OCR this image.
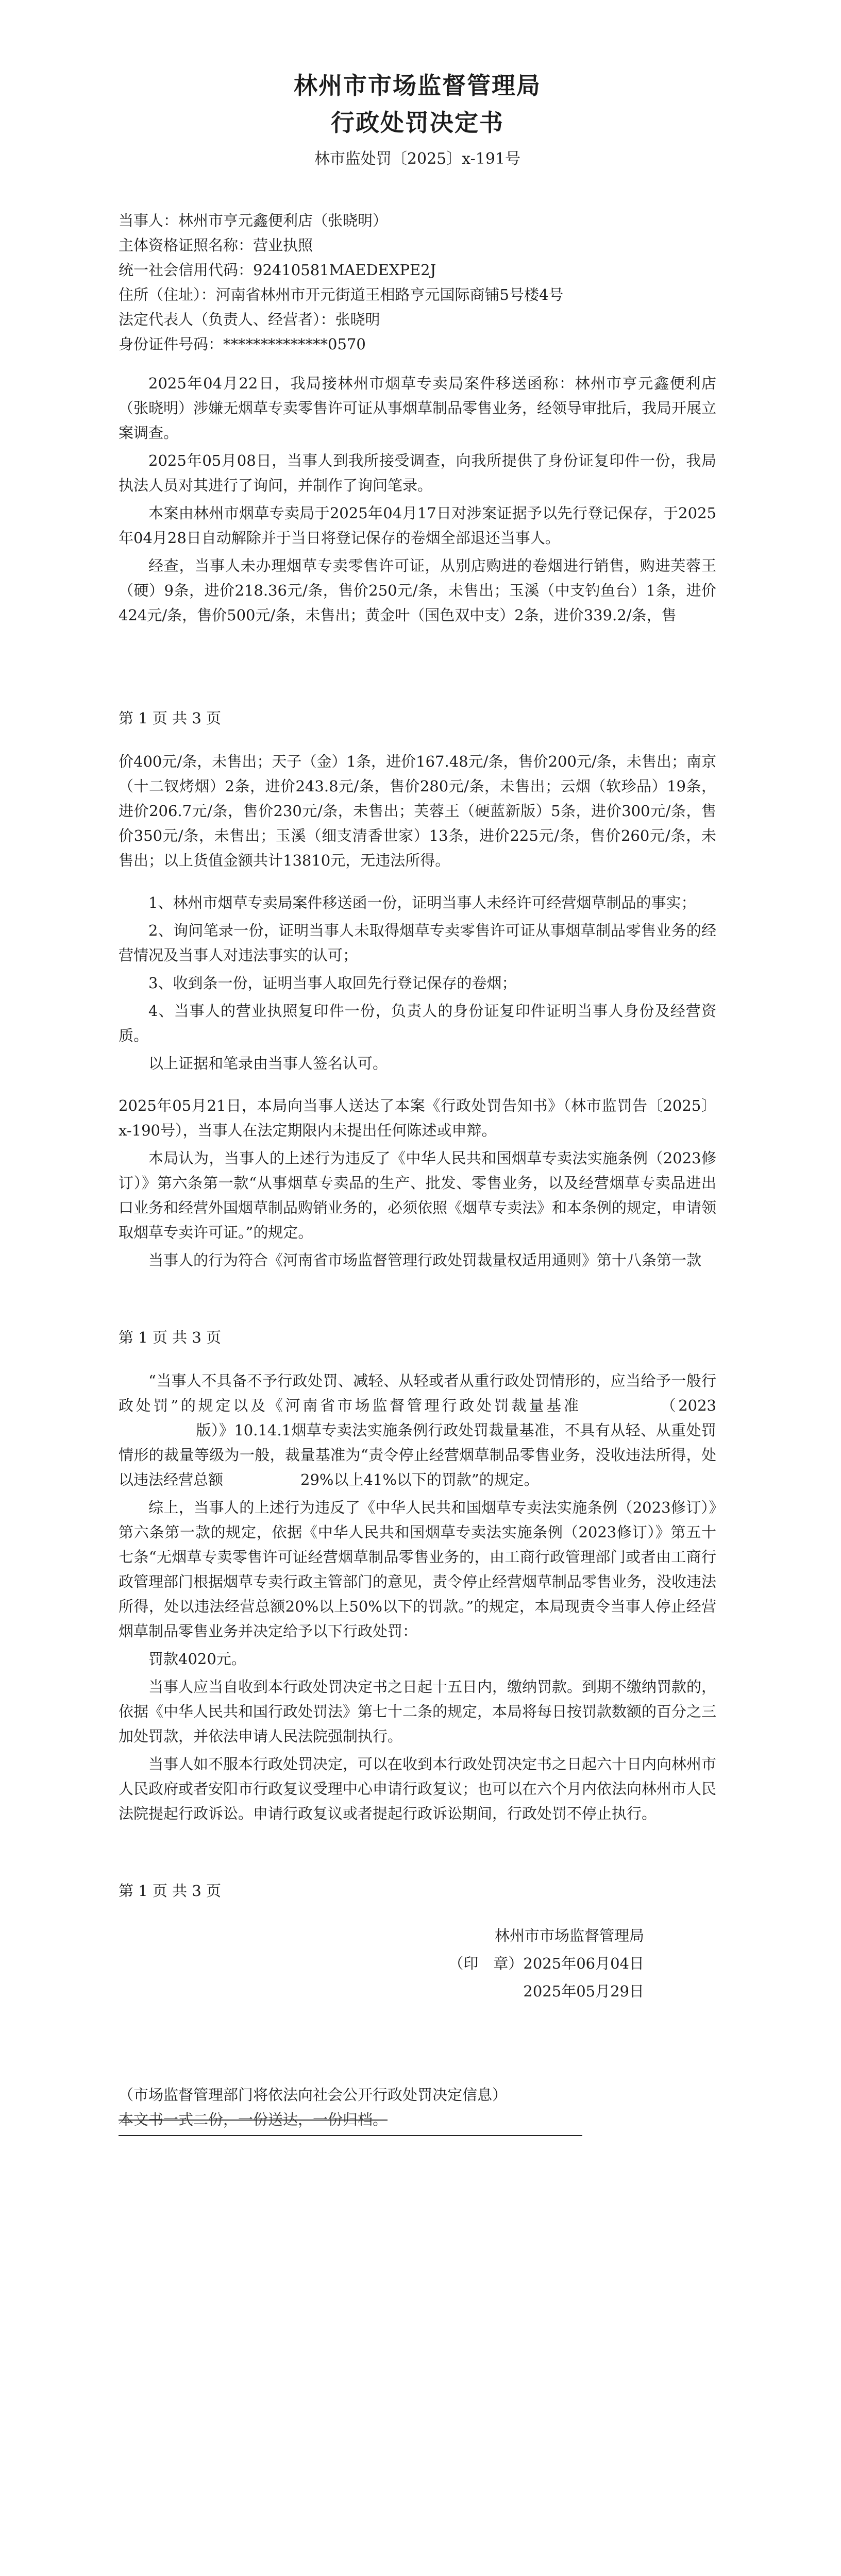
林州市市场监督管理局
行政处罚决定书
林市监处罚〔2025〕x-191号

当事人：林州市亨元鑫便利店（张晓明）

主体资格证照名称：营业执照

统一社会信用代码：92410581MAEDEXPE2J

住所（住址）：河南省林州市开元街道王相路亨元国际商铺5号楼4号

法定代表人（负责人、经营者）：张晓明

身份证件号码：**************0570

2025年04月22日，我局接林州市烟草专卖局案件移送函称：林州市亨元鑫便利店（张晓明）涉嫌无烟草专卖零售许可证从事烟草制品零售业务，经领导审批后，我局开展立案调查。

2025年05月08日，当事人到我所接受调查，向我所提供了身份证复印件一份，我局执法人员对其进行了询问，并制作了询问笔录。

本案由林州市烟草专卖局于2025年04月17日对涉案证据予以先行登记保存，于2025年04月28日自动解除并于当日将登记保存的卷烟全部退还当事人。

经查，当事人未办理烟草专卖零售许可证，从别店购进的卷烟进行销售，购进芙蓉王（硬）9条，进价218.36元/条，售价250元/条，未售出；玉溪（中支钓鱼台）1条，进价424元/条，售价500元/条，未售出；黄金叶（国色双中支）2条，进价339.2/条，售

第 1 页 共 3 页

价400元/条，未售出；天子（金）1条，进价167.48元/条，售价200元/条，未售出；南京（十二钗烤烟）2条，进价243.8元/条，售价280元/条，未售出；云烟（软珍品）19条，进价206.7元/条，售价230元/条，未售出；芙蓉王（硬蓝新版）5条，进价300元/条，售价350元/条，未售出；玉溪（细支清香世家）13条，进价225元/条，售价260元/条，未售出；以上货值金额共计13810元，无违法所得。

1、林州市烟草专卖局案件移送函一份，证明当事人未经许可经营烟草制品的事实；

2、询问笔录一份，证明当事人未取得烟草专卖零售许可证从事烟草制品零售业务的经营情况及当事人对违法事实的认可；

3、收到条一份，证明当事人取回先行登记保存的卷烟；

4、当事人的营业执照复印件一份，负责人的身份证复印件证明当事人身份及经营资质。

以上证据和笔录由当事人签名认可。

2025年05月21日，本局向当事人送达了本案《行政处罚告知书》（林市监罚告〔2025〕x-190号），当事人在法定期限内未提出任何陈述或申辩。

本局认为，当事人的上述行为违反了《中华人民共和国烟草专卖法实施条例（2023修订）》第六条第一款“从事烟草专卖品的生产、批发、零售业务，以及经营烟草专卖品进出口业务和经营外国烟草制品购销业务的，必须依照《烟草专卖法》和本条例的规定，申请领取烟草专卖许可证。”的规定。

当事人的行为符合《河南省市场监督管理行政处罚裁量权适用通则》第十八条第一款

第 1 页 共 3 页

“当事人不具备不予行政处罚、减轻、从轻或者从重行政处罚情形的，应当给予一般行政处罚”的规定以及《河南省市场监督管理行政处罚裁量基准	（2023版）》10.14.1烟草专卖法实施条例行政处罚裁量基准，不具有从轻、从重处罚情形的裁量等级为一般，裁量基准为“责令停止经营烟草制品零售业务，没收违法所得，处以违法经营总额	29%以上41%以下的罚款”的规定。

综上，当事人的上述行为违反了《中华人民共和国烟草专卖法实施条例（2023修订）》第六条第一款的规定，依据《中华人民共和国烟草专卖法实施条例（2023修订）》第五十七条“无烟草专卖零售许可证经营烟草制品零售业务的，由工商行政管理部门或者由工商行政管理部门根据烟草专卖行政主管部门的意见，责令停止经营烟草制品零售业务，没收违法所得，处以违法经营总额20%以上50%以下的罚款。”的规定，本局现责令当事人停止经营烟草制品零售业务并决定给予以下行政处罚：

罚款4020元。

当事人应当自收到本行政处罚决定书之日起十五日内，缴纳罚款。到期不缴纳罚款的，依据《中华人民共和国行政处罚法》第七十二条的规定，本局将每日按罚款数额的百分之三加处罚款，并依法申请人民法院强制执行。

当事人如不服本行政处罚决定，可以在收到本行政处罚决定书之日起六十日内向林州市人民政府或者安阳市行政复议受理中心申请行政复议；也可以在六个月内依法向林州市人民法院提起行政诉讼。申请行政复议或者提起行政诉讼期间，行政处罚不停止执行。

第 1 页 共 3 页
林州市市场监督管理局
（印　章）2025年06月04日
2025年05月29日
（市场监督管理部门将依法向社会公开行政处罚决定信息）
本文书一式二份，一份送达，一份归档。
